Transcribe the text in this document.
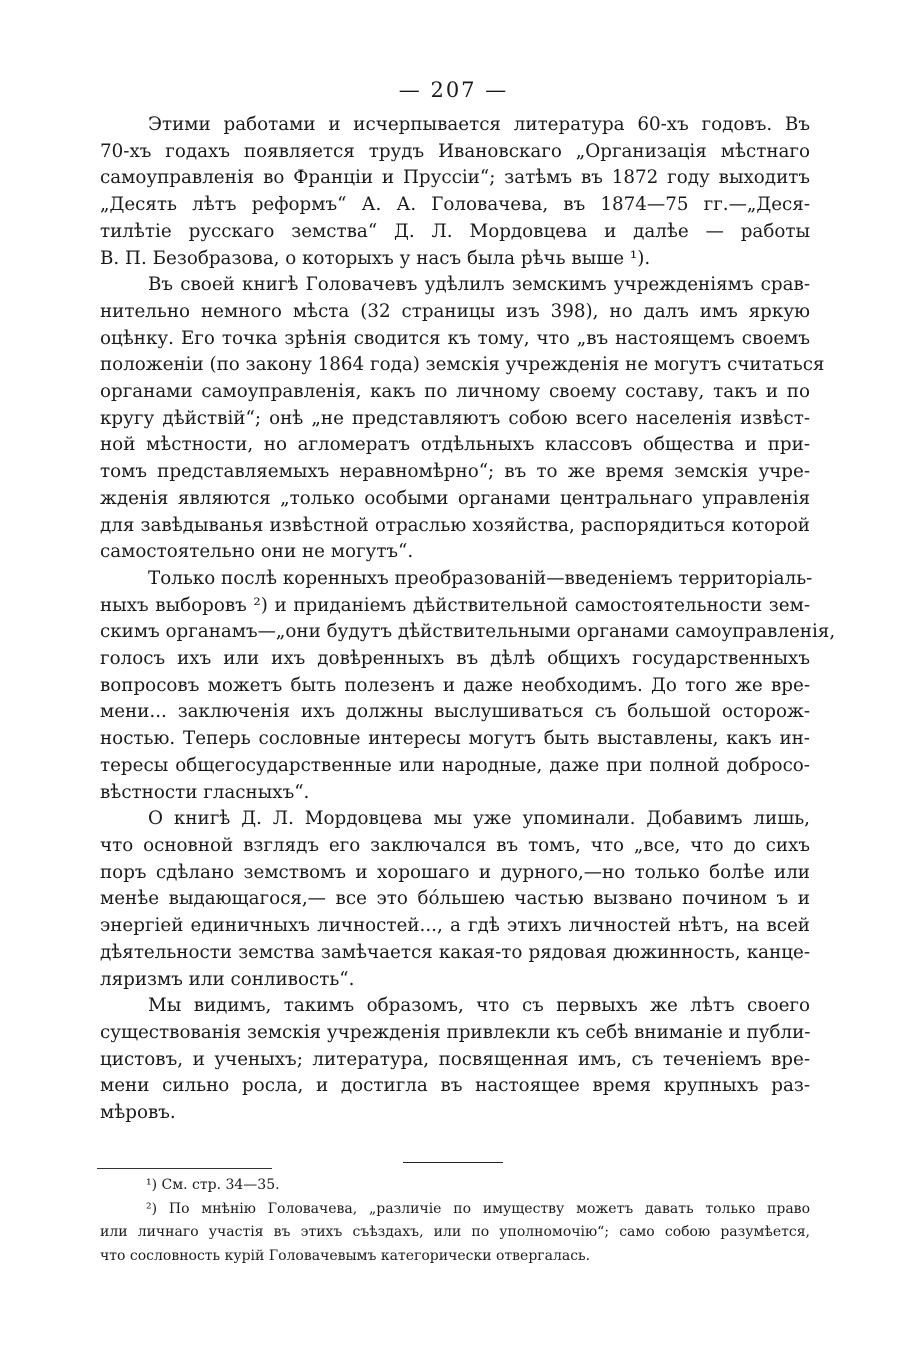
— 207 —
Этими работами и исчерпывается литература 60-хъ годовъ. Въ
70-хъ годахъ появляется трудъ Ивановскаго „Организація мѣстнаго
самоуправленія во Франціи и Пруссіи“; затѣмъ въ 1872 году выходитъ
„Десять лѣтъ реформъ“ А. А. Головачева, въ 1874—75 гг.—„Деся-
тилѣтіе русскаго земства“ Д. Л. Мордовцева и далѣе — работы
В. П. Безобразова, о которыхъ у насъ была рѣчь выше ¹).
Въ своей книгѣ Головачевъ удѣлилъ земскимъ учрежденіямъ срав-
нительно немного мѣста (32 страницы изъ 398), но далъ имъ яркую
оцѣнку. Его точка зрѣнія сводится къ тому, что „въ настоящемъ своемъ
положеніи (по закону 1864 года) земскія учрежденія не могутъ считаться
органами самоуправленія, какъ по личному своему составу, такъ и по
кругу дѣйствій“; онѣ „не представляютъ собою всего населенія извѣст-
ной мѣстности, но агломератъ отдѣльныхъ классовъ общества и при-
томъ представляемыхъ неравномѣрно“; въ то же время земскія учре-
жденія являются „только особыми органами центральнаго управленія
для завѣдыванья извѣстной отраслью хозяйства, распорядиться которой
самостоятельно они не могутъ“.
Только послѣ коренныхъ преобразованій—введеніемъ территоріаль-
ныхъ выборовъ ²) и приданіемъ дѣйствительной самостоятельности зем-
скимъ органамъ—„они будутъ дѣйствительными органами самоуправленія,
голосъ ихъ или ихъ довѣренныхъ въ дѣлѣ общихъ государственныхъ
вопросовъ можетъ быть полезенъ и даже необходимъ. До того же вре-
мени... заключенія ихъ должны выслушиваться съ большой осторож-
ностью. Теперь сословные интересы могутъ быть выставлены, какъ ин-
тересы общегосударственные или народные, даже при полной добросо-
вѣстности гласныхъ“.
О книгѣ Д. Л. Мордовцева мы уже упоминали. Добавимъ лишь,
что основной взглядъ его заключался въ томъ, что „все, что до сихъ
поръ сдѣлано земствомъ и хорошаго и дурного,—но только болѣе или
менѣе выдающагося,— все это бо́льшею частью вызвано почином ъ и
энергіей единичныхъ личностей..., а гдѣ этихъ личностей нѣтъ, на всей
дѣятельности земства замѣчается какая-то рядовая дюжинность, канце-
ляризмъ или сонливость“.
Мы видимъ, такимъ образомъ, что съ первыхъ же лѣтъ своего
существованія земскія учрежденія привлекли къ себѣ вниманіе и публи-
цистовъ, и ученыхъ; литература, посвященная имъ, съ теченіемъ вре-
мени сильно росла, и достигла въ настоящее время крупныхъ раз-
мѣровъ.
¹) См. стр. 34—35.
²) По мнѣнію Головачева, „различіе по имуществу можетъ давать только право
или личнаго участія въ этихъ съѣздахъ, или по уполномочію“; само собою разумѣется,
что сословность курій Головачевымъ категорически отвергалась.
